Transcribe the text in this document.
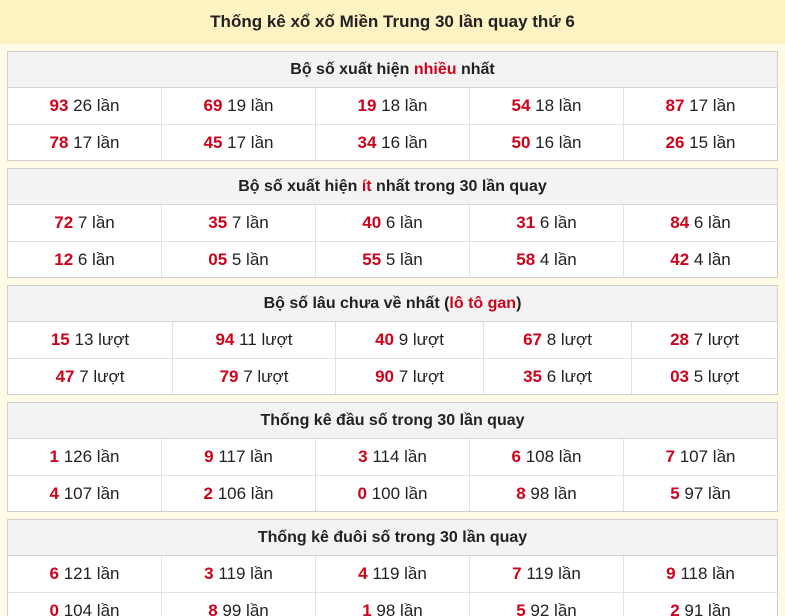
Thống kê xổ xố Miền Trung 30 lần quay thứ 6
Bộ số xuất hiện nhiều nhất
93 26 lần	69 19 lần	19 18 lần	54 18 lần	87 17 lần
78 17 lần	45 17 lần	34 16 lần	50 16 lần	26 15 lần
Bộ số xuất hiện ít nhất trong 30 lần quay
72 7 lần	35 7 lần	40 6 lần	31 6 lần	84 6 lần
12 6 lần	05 5 lần	55 5 lần	58 4 lần	42 4 lần
Bộ số lâu chưa về nhất (lô tô gan)
15 13 lượt	94 11 lượt	40 9 lượt	67 8 lượt	28 7 lượt
47 7 lượt	79 7 lượt	90 7 lượt	35 6 lượt	03 5 lượt
Thống kê đầu số trong 30 lần quay
1 126 lần	9 117 lần	3 114 lần	6 108 lần	7 107 lần
4 107 lần	2 106 lần	0 100 lần	8 98 lần	5 97 lần
Thống kê đuôi số trong 30 lần quay
6 121 lần	3 119 lần	4 119 lần	7 119 lần	9 118 lần
0 104 lần	8 99 lần	1 98 lần	5 92 lần	2 91 lần
